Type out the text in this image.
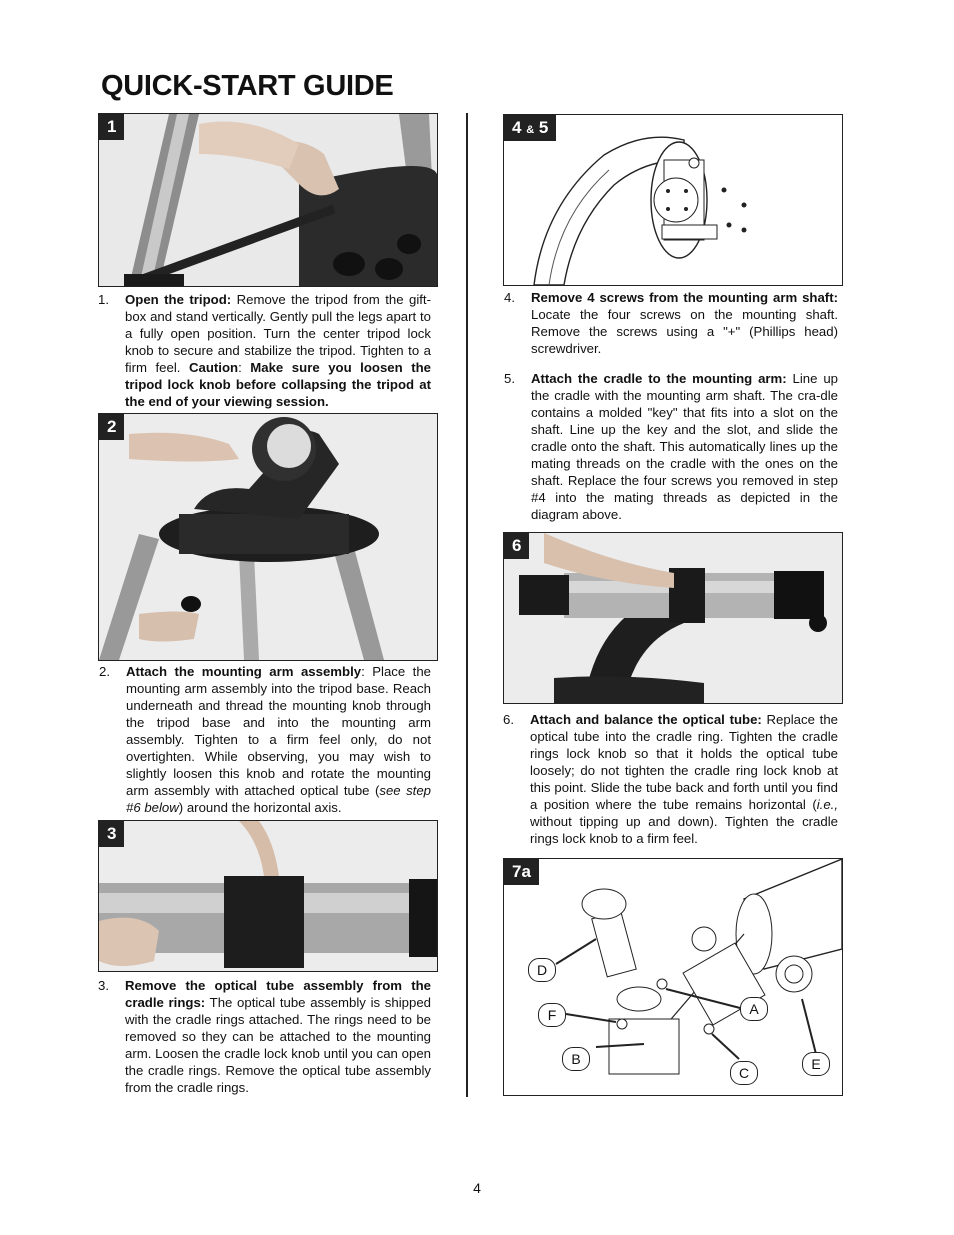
QUICK-START GUIDE
1
1. Open the tripod: Remove the tripod from the gift-box and stand vertically. Gently pull the legs apart to a fully open position. Turn the center tripod lock knob to secure and stabilize the tripod. Tighten to a firm feel. Caution: Make sure you loosen the tripod lock knob before collapsing the tripod at the end of your viewing session.
2
2. Attach the mounting arm assembly: Place the mounting arm assembly into the tripod base. Reach underneath and thread the mounting knob through the tripod base and into the mounting arm assembly. Tighten to a firm feel only, do not overtighten. While observing, you may wish to slightly loosen this knob and rotate the mounting arm assembly with attached optical tube (see step #6 below) around the horizontal axis.
3
3. Remove the optical tube assembly from the cradle rings: The optical tube assembly is shipped with the cradle rings attached. The rings need to be removed so they can be attached to the mounting arm. Loosen the cradle lock knob until you can open the cradle rings. Remove the optical tube assembly from the cradle rings.
4 & 5
4. Remove 4 screws from the mounting arm shaft: Locate the four screws on the mounting shaft. Remove the screws using a "+" (Phillips head) screwdriver.
5. Attach the cradle to the mounting arm: Line up the cradle with the mounting arm shaft. The cra-dle contains a molded "key" that fits into a slot on the shaft. Line up the key and the slot, and slide the cradle onto the shaft. This automatically lines up the mating threads on the cradle with the ones on the shaft. Replace the four screws you removed in step #4 into the mating threads as depicted in the diagram above.
6
6. Attach and balance the optical tube: Replace the optical tube into the cradle ring. Tighten the cradle rings lock knob so that it holds the optical tube loosely; do not tighten the cradle ring lock knob at this point. Slide the tube back and forth until you find a position where the tube remains horizontal (i.e., without tipping up and down). Tighten the cradle rings lock knob to a firm feel.
7a
D
F	A
B
C
E
4
